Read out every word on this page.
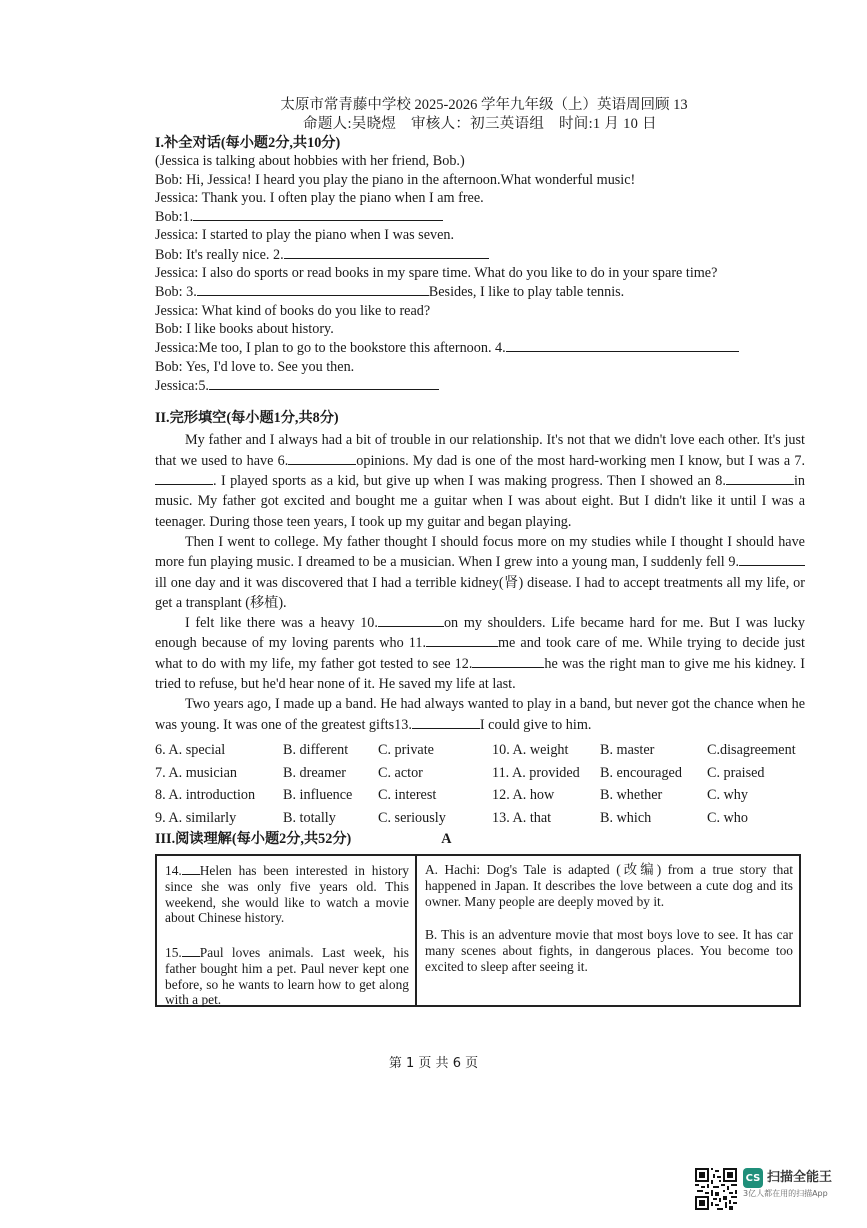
太原市常青藤中学校 2025-2026 学年九年级（上）英语周回顾 13
命题人:吴晓煜　审核人：初三英语组　时间:1 月 10 日
I.补全对话(每小题2分,共10分)
(Jessica is talking about hobbies with her friend, Bob.)
Bob: Hi, Jessica! I heard you play the piano in the afternoon.What wonderful music!
Jessica: Thank you. I often play the piano when I am free.
Bob:1.
Jessica: I started to play the piano when I was seven.
Bob: It's really nice. 2.
Jessica: I also do sports or read books in my spare time. What do you like to do in your spare time?
Bob: 3.	Besides, I like to play table tennis.
Jessica: What kind of books do you like to read?
Bob: I like books about history.
Jessica:Me too, I plan to go to the bookstore this afternoon. 4.
Bob: Yes, I'd love to. See you then.
Jessica:5.
II.完形填空(每小题1分,共8分)

My father and I always had a bit of trouble in our relationship. It's not that we didn't love each other. It's just that we used to have 6.	opinions. My dad is one of the most hard-working men I know, but I was a 7.. I played sports as a kid, but give up when I was making progress. Then I showed an 8.	in music. My father got excited and bought me a guitar when I was about eight. But I didn't like it until I was a teenager. During those teen years, I took up my guitar and began playing.

Then I went to college. My father thought I should focus more on my studies while I thought I should have more fun playing music. I dreamed to be a musician. When I grew into a young man, I suddenly fell 9.ill one day and it was discovered that I had a terrible kidney(肾) disease. I had to accept treatments all my life, or get a transplant (移植).

I felt like there was a heavy 10.	on my shoulders. Life became hard for me. But I was lucky enough because of my loving parents who 11.	me and took care of me. While trying to decide just what to do with my life, my father got tested to see 12.	he was the right man to give me his kidney. I tried to refuse, but he'd hear none of it. He saved my life at last.

Two years ago, I made up a band. He had always wanted to play in a band, but never got the chance when he was young. It was one of the greatest gifts13.	I could give to him.

6. A. special	B. different	C. private	10. A. weight	B. master	C.disagreement
7. A. musician	B. dreamer	C. actor	11. A. provided	B. encouraged	C. praised
8. A. introduction	B. influence	C. interest	12. A. how	B. whether	C. why
9. A. similarly	B. totally	C. seriously	13. A. that	B. which	C. who
III.阅读理解(每小题2分,共52分)	A

14. Helen has been interested in history since she was only five years old. This weekend, she would like to watch a movie about Chinese history.

15. Paul loves animals. Last week, his father bought him a pet. Paul never kept one before, so he wants to learn how to get along with a pet.

A. Hachi: Dog's Tale is adapted (改编) from a true story that happened in Japan. It describes the love between a cute dog and its owner. Many people are deeply moved by it.

B. This is an adventure movie that most boys love to see. It has car many scenes about fights, in dangerous places. You become too excited to sleep after seeing it.

第 1 页 共 6 页
CS 扫描全能王
3亿人都在用的扫描App
